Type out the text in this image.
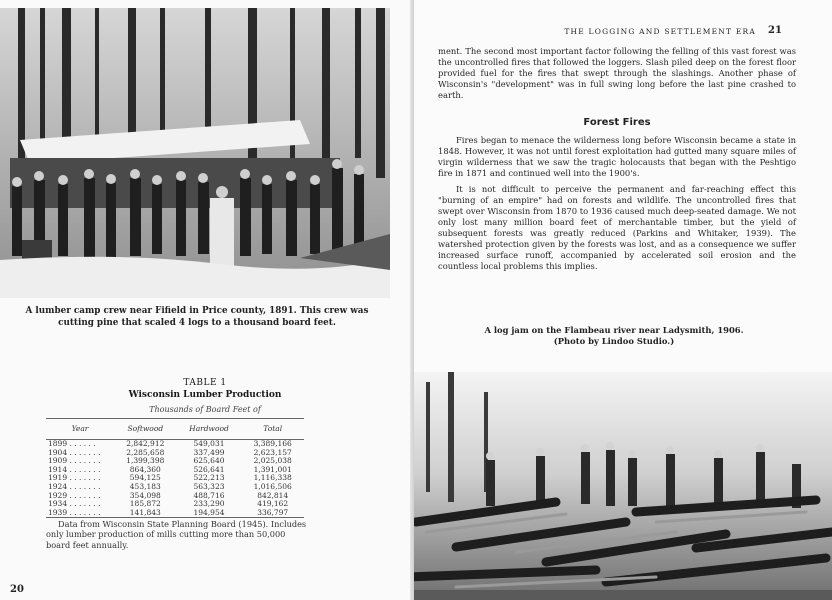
A lumber camp crew near Fifield in Price county, 1891. This crew was cutting pine that scaled 4 logs to a thousand board feet.
TABLE 1
Wisconsin Lumber Production
Thousands of Board Feet of
Year	Softwood	Hardwood	Total
1899 . . . . . .	2,842,912	549,031	3,389,166
1904 . . . . . . .	2,285,658	337,499	2,623,157
1909 . . . . . . .	1,399,398	625,640	2,025,038
1914 . . . . . . .	864,360	526,641	1,391,001
1919 . . . . . . .	594,125	522,213	1,116,338
1924 . . . . . . .	453,183	563,323	1,016,506
1929 . . . . . . .	354,098	488,716	842,814
1934 . . . . . . .	185,872	233,290	419,162
1939 . . . . . . .	141,843	194,954	336,797

Data from Wisconsin State Planning Board (1945). Includes only lumber production of mills cutting more than 50,000 board feet annually.

20
THE LOGGING AND SETTLEMENT ERA 21

ment. The second most important factor following the felling of this vast forest was the uncontrolled fires that followed the loggers. Slash piled deep on the forest floor provided fuel for the fires that swept through the slashings. Another phase of Wisconsin's "development" was in full swing long before the last pine crashed to earth.

Forest Fires

Fires began to menace the wilderness long before Wisconsin became a state in 1848. However, it was not until forest exploitation had gutted many square miles of virgin wilderness that we saw the tragic holocausts that began with the Peshtigo fire in 1871 and continued well into the 1900's.

It is not difficult to perceive the permanent and far-reaching effect this "burning of an empire" had on forests and wildlife. The uncontrolled fires that swept over Wisconsin from 1870 to 1936 caused much deep-seated damage. We not only lost many million board feet of merchantable timber, but the yield of subsequent forests was greatly reduced (Parkins and Whitaker, 1939). The watershed protection given by the forests was lost, and as a consequence we suffer increased surface runoff, accompanied by accelerated soil erosion and the countless local problems this implies.

A log jam on the Flambeau river near Ladysmith, 1906.
(Photo by Lindoo Studio.)
